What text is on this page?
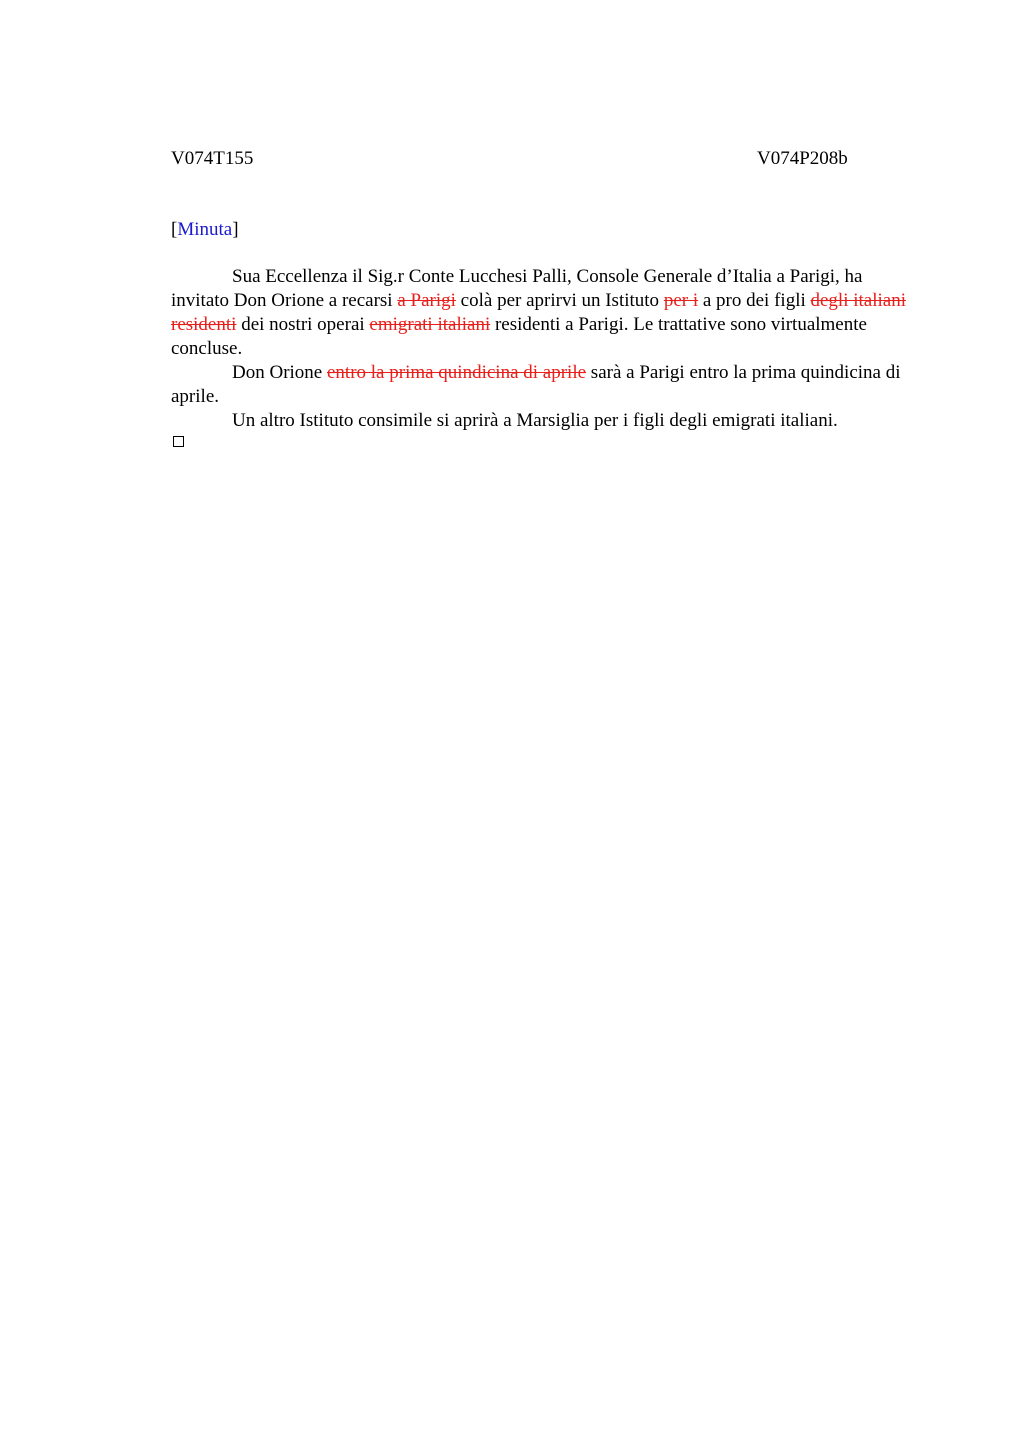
V074T155	V074P208b
[Minuta]

Sua Eccellenza il Sig.r Conte Lucchesi Palli, Console Generale d’Italia a Parigi, ha invitato Don Orione a recarsi a Parigi colà per aprirvi un Istituto per i a pro dei figli degli italiani residenti dei nostri operai emigrati italiani residenti a Parigi. Le trattative sono virtualmente concluse.

Don Orione entro la prima quindicina di aprile sarà a Parigi entro la prima quindicina di aprile.

Un altro Istituto consimile si aprirà a Marsiglia per i figli degli emigrati italiani.
